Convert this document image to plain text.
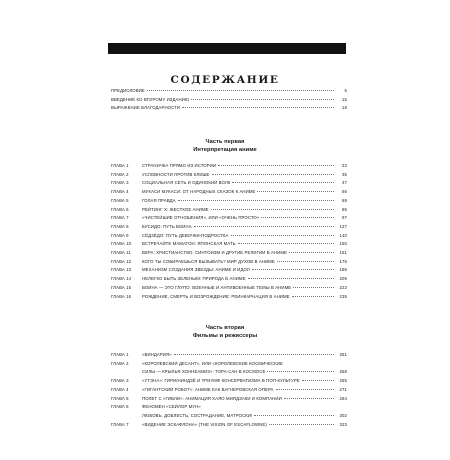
СОДЕРЖАНИЕ
ПРЕДИСЛОВИЕ	5
ВВЕДЕНИЕ КО ВТОРОМУ ИЗДАНИЮ	15
ВЫРАЖЕНИЕ БЛАГОДАРНОСТИ	18
Часть первая
Интерпретация аниме
ГЛАВА 1	СТРАНИЧКА ПРЯМО ИЗ ИСТОРИИ	23
ГЛАВА 2	УСЛОВНОСТИ ПРОТИВ КЛИШЕ	35
ГЛАВА 3	СОЦИАЛЬНАЯ СЕТЬ И ОДИНОКИЙ ВОЛК	47
ГЛАВА 4	МУКАСИ МУКАСИ: ОТ НАРОДНЫХ СКАЗОК К АНИМЕ	56
ГЛАВА 5	ГОЛАЯ ПРАВДА	69
ГЛАВА 6	РЕЙТИНГ X: ЖЕСТКОЕ АНИМЕ	85
ГЛАВА 7	«ЧИСТЕЙШИЕ ОТНОШЕНИЯ», ИЛИ «ОЧЕНЬ ПРОСТО»	97
ГЛАВА 8	БУСИДО: ПУТЬ ВОИНА	127
ГЛАВА 9	СЁДЗЁДО: ПУТЬ ДЕВОЧКИ-ПОДРОСТКА	140
ГЛАВА 10	ВСТРЕЧАЙТЕ МАМАГОН: ЯПОНСКАЯ МАТЬ	150
ГЛАВА 11	ВЕРА: ХРИСТИАНСТВО, СИНТОИЗМ И ДРУГИЕ РЕЛИГИИ В АНИМЕ	161
ГЛАВА 12	КОГО ТЫ СОБИРАЕШЬСЯ ВЫЗЫВАТЬ? МИР ДУХОВ В АНИМЕ	175
ГЛАВА 13	МЕХАНИЗМ СОЗДАНИЯ ЗВЕЗДЫ: АНИМЕ И ИДОЛ	185
ГЛАВА 14	НЕЛЕГКО БЫТЬ ЗЕЛЕНЫМ: ПРИРОДА В АНИМЕ	209
ГЛАВА 15	ВОЙНА — ЭТО ГЛУПО: ВОЕННЫЕ И АНТИВОЕННЫЕ ТЕМЫ В АНИМЕ	223
ГЛАВА 16	РОЖДЕНИЕ, СМЕРТЬ И ВОЗРОЖДЕНИЕ: РЕИНКАРНАЦИЯ В АНИМЕ	235
Часть вторая
Фильмы и режиссеры
ГЛАВА 1	«ВИНДАРИЯ»	251
ГЛАВА 2	«КОРОЛЕВСКИЙ ДЕСАНТ», ИЛИ «КОРОЛЕВСКИЕ КОСМИЧЕСКИЕ
СИЛЫ — КРЫЛЬЯ ХОННЕАМИЗ»: ТОРА-САН В КОСМОСЕ	258
ГЛАВА 3	«УТЭНА»: ГИРИ/НИНДЗЁ И ТРИУМФ КОНСЕРВАТИЗМА В ПОП-КУЛЬТУРЕ	265
ГЛАВА 4	«ГИГАНТСКИЙ РОБОТ»: АНИМЕ КАК ВАГНЕРОВСКАЯ ОПЕРА	271
ГЛАВА 5	ПОЛЕТ С «ГИБЛИ»: АНИМАЦИЯ ХАЯО МИЯДЗАКИ И КОМПАНИИ	284
ГЛАВА 6	ФЕНОМЕН «СЕЙЛОР МУН»
ЛЮБОВЬ, ДОБЛЕСТЬ, СОСТРАДАНИЕ, МАТРОСКИ!	302
ГЛАВА 7	«ВИДЕНИЕ ЭСКАФЛОНА» (THE VISION OF ESCAFLOWNE)	323
